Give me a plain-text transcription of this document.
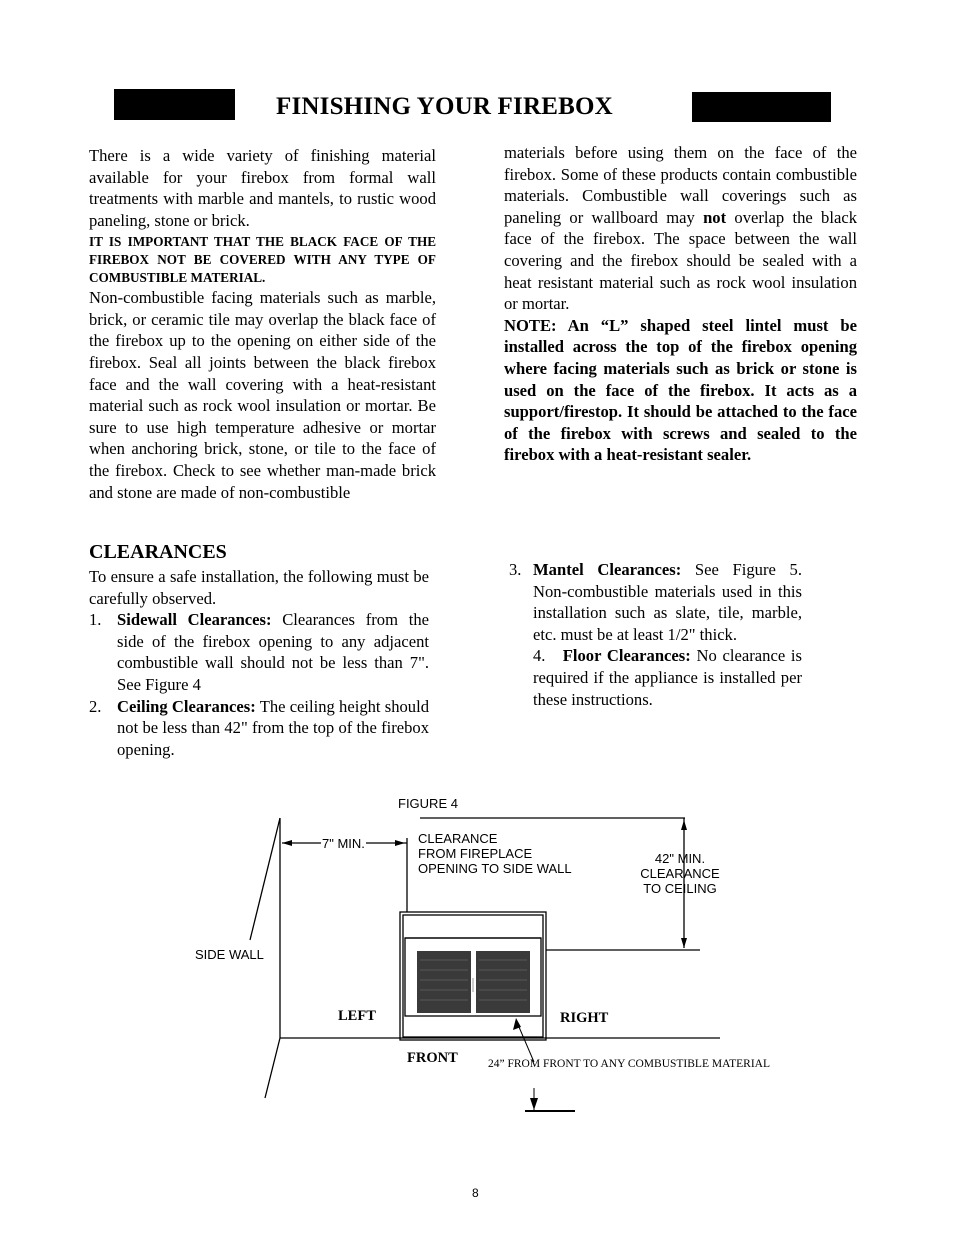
FINISHING YOUR FIREBOX

There is a wide variety of finishing material available for your firebox from formal wall treatments with marble and mantels, to rustic wood paneling, stone or brick.

IT IS IMPORTANT THAT THE BLACK FACE OF THE FIREBOX NOT BE COVERED WITH ANY TYPE OF COMBUSTIBLE MATERIAL.

Non-combustible facing materials such as marble, brick, or ceramic tile may overlap the black face of the firebox up to the opening on either side of the firebox. Seal all joints between the black firebox face and the wall covering with a heat-resistant material such as rock wool insulation or mortar. Be sure to use high temperature adhesive or mortar when anchoring brick, stone, or tile to the face of the firebox. Check to see whether man-made brick and stone are made of non-combustible

materials before using them on the face of the firebox. Some of these products contain combustible materials. Combustible wall coverings such as paneling or wallboard may not overlap the black face of the firebox. The space between the wall covering and the firebox should be sealed with a heat resistant material such as rock wool insulation or mortar.

NOTE: An “L” shaped steel lintel must be installed across the top of the firebox opening where facing materials such as brick or stone is used on the face of the firebox. It acts as a support/firestop. It should be attached to the face of the firebox with screws and sealed to the firebox with a heat-resistant sealer.

CLEARANCES

To ensure a safe installation, the following must be carefully observed.

1. Sidewall Clearances: Clearances from the side of the firebox opening to any adjacent combustible wall should not be less than 7". See Figure 4
2. Ceiling Clearances: The ceiling height should not be less than 42" from the top of the firebox opening.
3. Mantel Clearances: See Figure 5. Non-combustible materials used in this installation such as slate, tile, marble, etc. must be at least 1/2" thick.
4. Floor Clearances: No clearance is required if the appliance is installed per these instructions.
FIGURE 4
7" MIN.	CLEARANCE
FROM FIREPLACE
OPENING TO SIDE WALL
42" MIN.
CLEARANCE
TO CEILING
SIDE WALL
LEFT	RIGHT
FRONT	24” FROM FRONT TO ANY COMBUSTIBLE MATERIAL
8
